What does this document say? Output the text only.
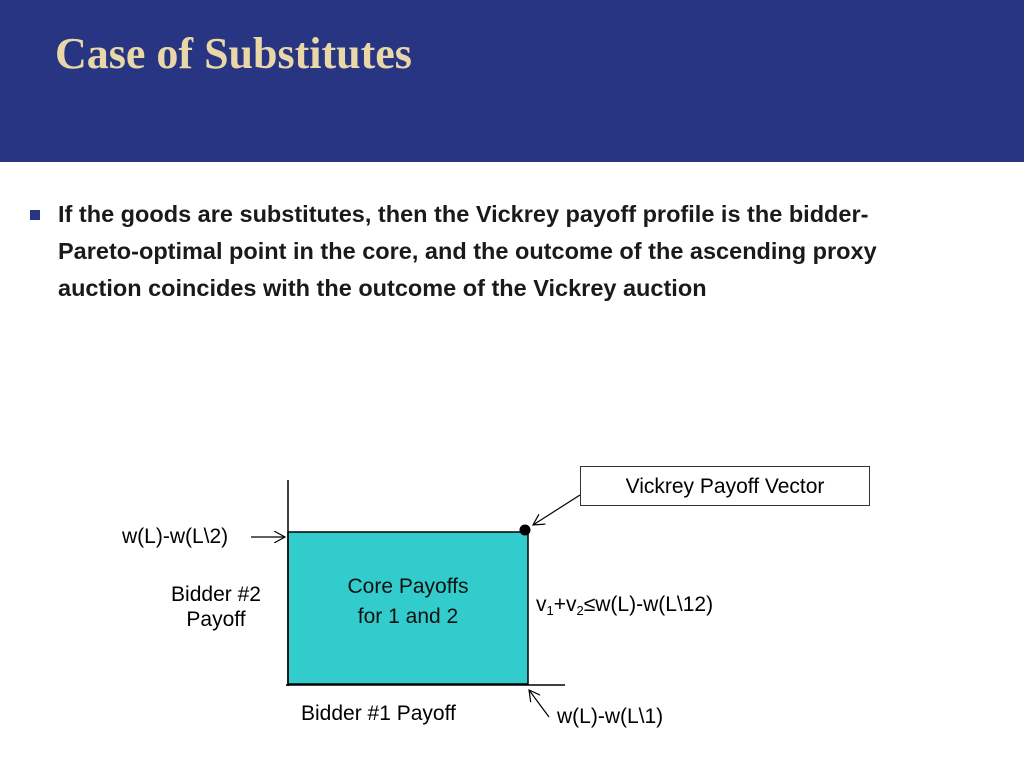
Case of Substitutes

If the goods are substitutes, then the Vickrey payoff profile is the bidder-Pareto-optimal point in the core, and the outcome of the ascending proxy auction coincides with the outcome of the Vickrey auction

Vickrey Payoff Vector
w(L)-w(L\2)
Bidder #2
Payoff
Core Payoffs
for 1 and 2
$v_1+v_2\le w(L)-w(L\backslash 12)$
Bidder #1 Payoff	w(L)-w(L\1)
